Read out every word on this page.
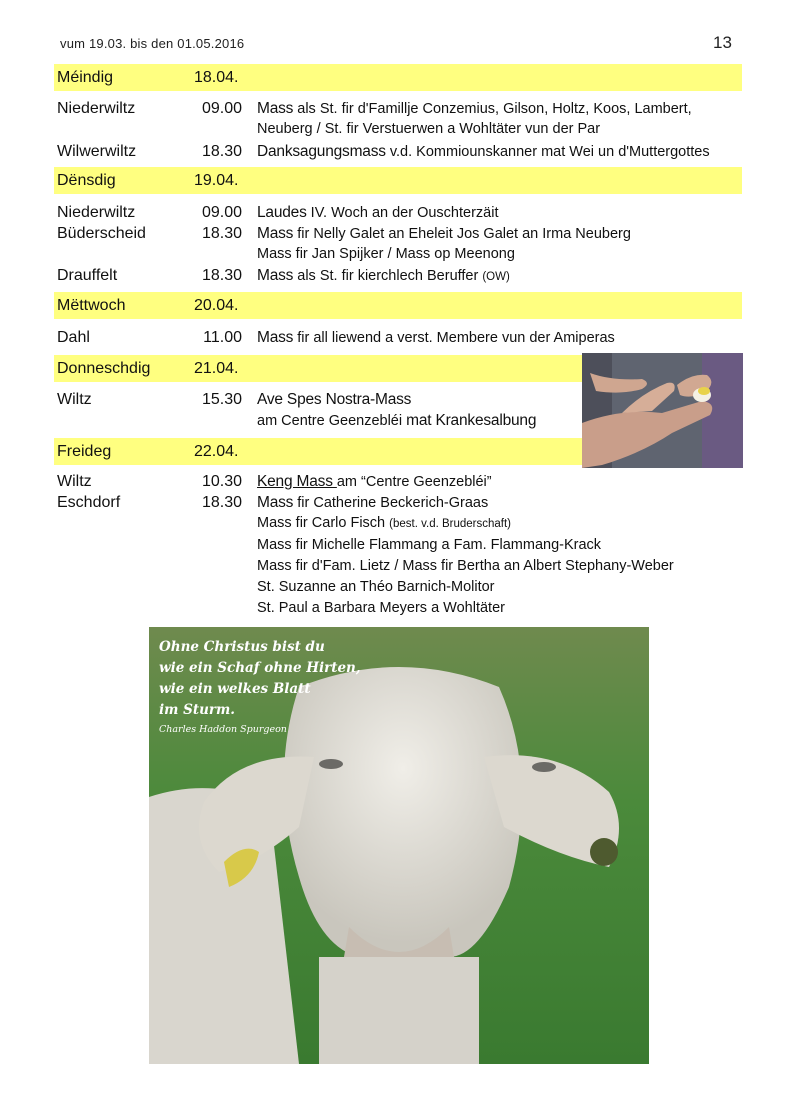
vum 19.03. bis den 01.05.2016	13
Méindig	18.04.
Niederwiltz	09.00 Mass als St. fir d'Famillje Conzemius, Gilson, Holtz, Koos, Lambert,
Neuberg / St. fir Verstuerwen a Wohltäter vun der Par
Wilwerwiltz	18.30 Danksagungsmass v.d. Kommiounskanner mat Wei un d'Muttergottes
Dënsdig	19.04.
Niederwiltz	09.00 Laudes IV. Woch an der Ouschterzäit
Büderscheid	18.30 Mass fir Nelly Galet an Eheleit Jos Galet an Irma Neuberg
Mass fir Jan Spijker / Mass op Meenong
Drauffelt	18.30 Mass als St. fir kierchlech Beruffer (OW)
Mëttwoch	20.04.
Dahl	11.00 Mass fir all liewend a verst. Membere vun der Amiperas
Donneschdig	21.04.
Wiltz	15.30 Ave Spes Nostra-Mass
am Centre Geenzebléi mat Krankesalbung
Freideg	22.04.
Wiltz	10.30 Keng Mass am “Centre Geenzebléi”
Eschdorf	18.30 Mass fir Catherine Beckerich-Graas
Mass fir Carlo Fisch (best. v.d. Bruderschaft)
Mass fir Michelle Flammang a Fam. Flammang-Krack
Mass fir d'Fam. Lietz / Mass fir Bertha an Albert Stephany-Weber
St. Suzanne an Théo Barnich-Molitor
St. Paul a Barbara Meyers a Wohltäter
Ohne Christus bist du
wie ein Schaf ohne Hirten,
wie ein welkes Blatt
im Sturm.
Charles Haddon Spurgeon
